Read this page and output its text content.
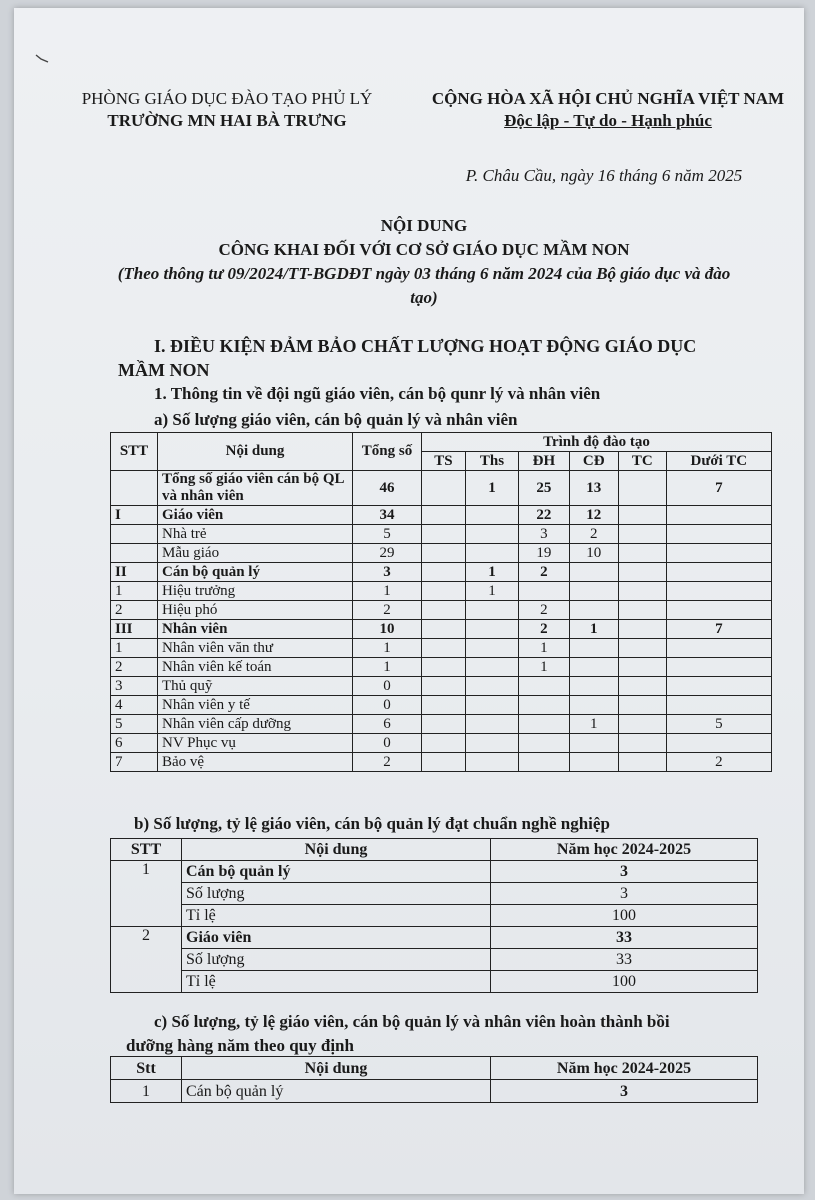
PHÒNG GIÁO DỤC ĐÀO TẠO PHỦ LÝ
TRƯỜNG MN HAI BÀ TRƯNG
CỘNG HÒA XÃ HỘI CHỦ NGHĨA VIỆT NAM
Độc lập - Tự do - Hạnh phúc
P. Châu Cầu, ngày 16 tháng 6 năm 2025
NỘI DUNG
CÔNG KHAI ĐỐI VỚI CƠ SỞ GIÁO DỤC MẦM NON
(Theo thông tư 09/2024/TT-BGDĐT ngày 03 tháng 6 năm 2024 của Bộ giáo dục và đào tạo)
I. ĐIỀU KIỆN ĐẢM BẢO CHẤT LƯỢNG HOẠT ĐỘNG GIÁO DỤC
MẦM NON
1. Thông tin về đội ngũ giáo viên, cán bộ qunr lý và nhân viên
a) Số lượng giáo viên, cán bộ quản lý và nhân viên
STT	Nội dung	Tổng số	Trình độ đào tạo					
			TS	Ths	ĐH	CĐ	TC	Dưới TC
	Tổng số giáo viên cán bộ QL và nhân viên	46		1	25	13		7
I	Giáo viên	34			22	12		
	Nhà trẻ	5			3	2		
	Mẫu giáo	29			19	10		
II	Cán bộ quản lý	3		1	2			
1	Hiệu trưởng	1		1				
2	Hiệu phó	2			2			
III	Nhân viên	10			2	1		7
1	Nhân viên văn thư	1			1			
2	Nhân viên kế toán	1			1			
3	Thủ quỹ	0						
4	Nhân viên y tế	0						
5	Nhân viên cấp dưỡng	6				1		5
6	NV Phục vụ	0						
7	Bảo vệ	2						2
b) Số lượng, tỷ lệ giáo viên, cán bộ quản lý đạt chuẩn nghề nghiệp
STT	Nội dung	Năm học 2024-2025
1	Cán bộ quản lý	3
	Số lượng	3
	Tỉ lệ	100
2	Giáo viên	33
	Số lượng	33
	Tỉ lệ	100
c) Số lượng, tỷ lệ giáo viên, cán bộ quản lý và nhân viên hoàn thành bồi
dưỡng hàng năm theo quy định
Stt	Nội dung	Năm học 2024-2025
1	Cán bộ quản lý	3
